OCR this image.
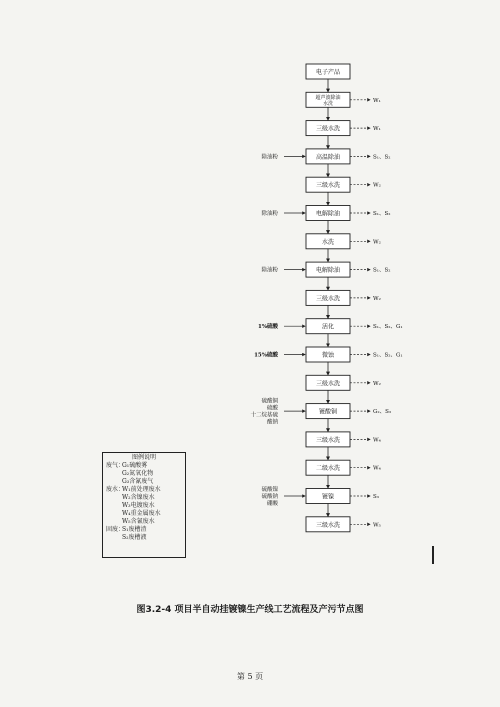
电子产品
超声波除油
水洗	W₁
三级水洗	W₁
高温除油	S₁、S₂
三级水洗	W₂
电解除油	S₁、S₂
水洗	W₂
电解除油	S₁、S₂
三级水洗	W₂
活化	S₁、S₂、G₁
微蚀	S₁、S₂、G₁
三级水洗	W₂
镀酸铜	G₂、S₃
三级水洗	W₄
二级水洗	W₄
镀镍	S₃
三级水洗	W₅
除油粉
除油粉
除油粉
1%硫酸
15%硫酸
硫酸铜
硫酸
十二烷基硫
酸钠
硫酸镍
硫酸钠
硼酸
图例说明
废气：G₁硫酸雾
G₂氮氧化物
G₃含氰废气
废水：W₁前处理废水
W₂含镍废水
W₃电镀废水
W₄重金属废水
W₅含氰废水
固废：S₁废槽渣
S₂废槽液
图3.2-4 项目半自动挂镀镍生产线工艺流程及产污节点图
第 5 页
